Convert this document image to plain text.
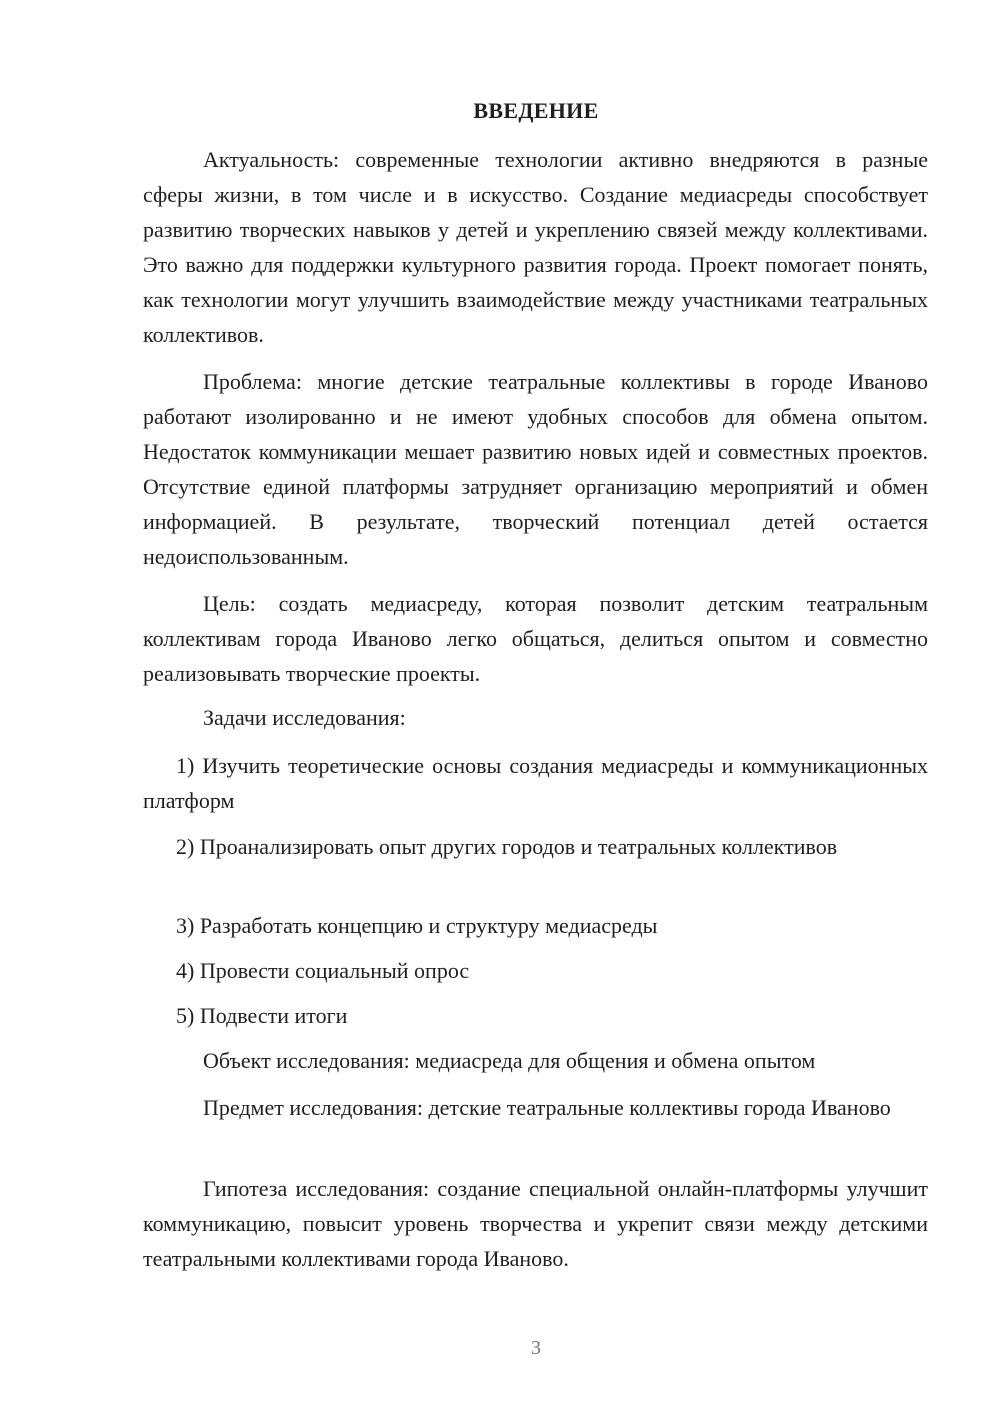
ВВЕДЕНИЕ
Актуальность: современные технологии активно внедряются в разные сферы жизни, в том числе и в искусство. Создание медиасреды способствует развитию творческих навыков у детей и укреплению связей между коллективами. Это важно для поддержки культурного развития города. Проект помогает понять, как технологии могут улучшить взаимодействие между участниками театральных коллективов.
Проблема: многие детские театральные коллективы в городе Иваново работают изолированно и не имеют удобных способов для обмена опытом. Недостаток коммуникации мешает развитию новых идей и совместных проектов. Отсутствие единой платформы затрудняет организацию мероприятий и обмен информацией. В результате, творческий потенциал детей остается недоиспользованным.
Цель: создать медиасреду, которая позволит детским театральным коллективам города Иваново легко общаться, делиться опытом и совместно реализовывать творческие проекты.
Задачи исследования:
1) Изучить теоретические основы создания медиасреды и коммуникационных платформ
2) Проанализировать опыт других городов и театральных коллективов
3) Разработать концепцию и структуру медиасреды
4) Провести социальный опрос
5) Подвести итоги
Объект исследования: медиасреда для общения и обмена опытом
Предмет исследования: детские театральные коллективы города Иваново
Гипотеза исследования: создание специальной онлайн-платформы улучшит коммуникацию, повысит уровень творчества и укрепит связи между детскими театральными коллективами города Иваново.
3
